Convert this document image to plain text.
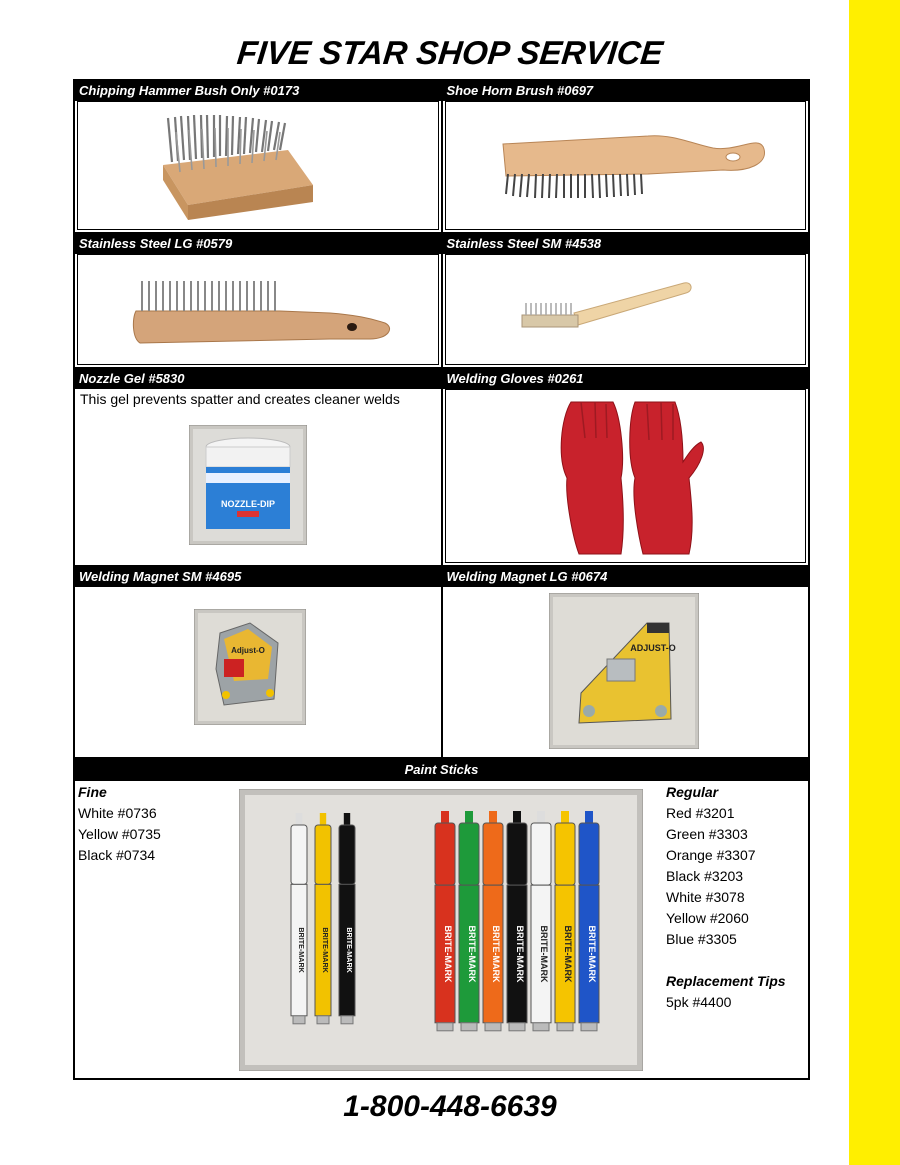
FIVE STAR SHOP SERVICE
Chipping Hammer Bush Only #0173	Shoe Horn Brush #0697
Stainless Steel LG #0579	Stainless Steel SM #4538
Nozzle Gel #5830
This gel prevents spatter and creates cleaner welds
NOZZLE-DIP
Welding Gloves #0261
Welding Magnet SM #4695
Adjust-O
Welding Magnet LG #0674
ADJUST-O
Paint Sticks
Fine
White #0736
Yellow #0735
Black #0734
Regular
Red #3201
Green #3303
Orange #3307
Black #3203
White #3078
Yellow #2060
Blue #3305
Replacement Tips
5pk #4400
BRITE-MARK BRITE-MARK BRITE-MARK	BRITE-MARK BRITE-MARK BRITE-MARK BRITE-MARK BRITE-MARK BRITE-MARK BRITE-MARK
1-800-448-6639
